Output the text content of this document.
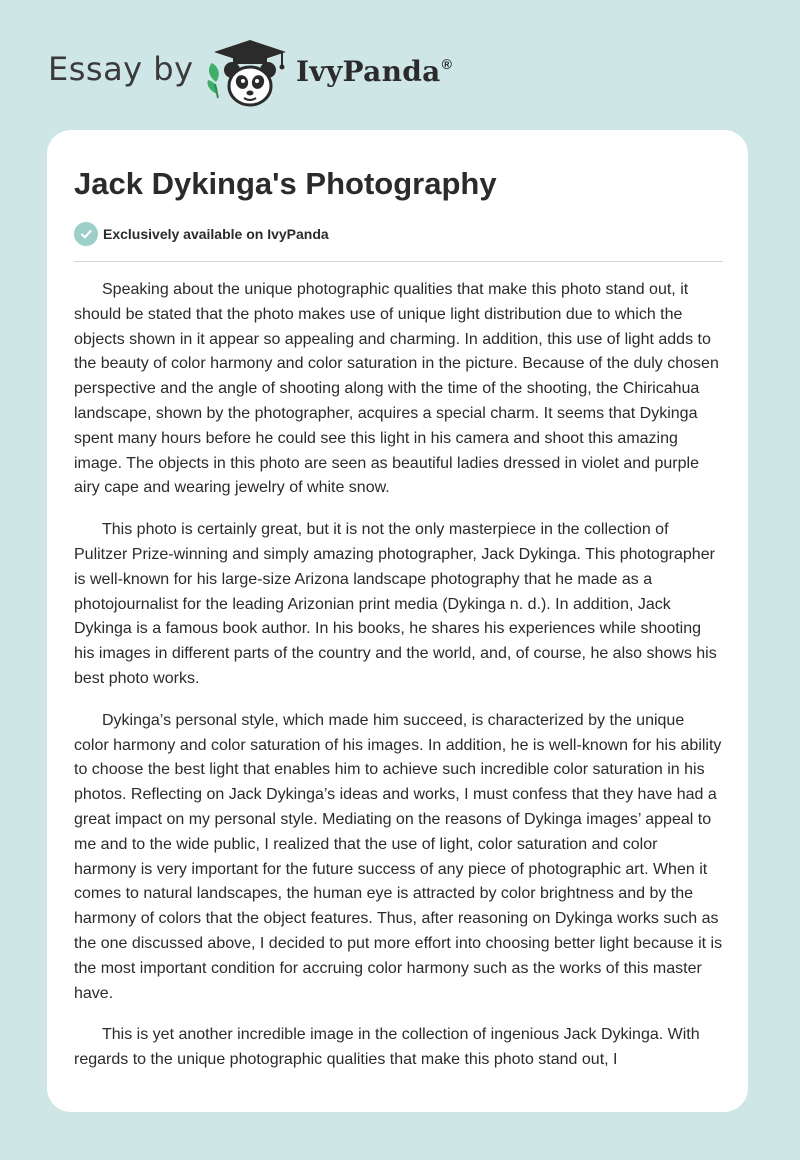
Essay by	IvyPanda®
Jack Dykinga's Photography
Exclusively available on IvyPanda

Speaking about the unique photographic qualities that make this photo stand out, it should be stated that the photo makes use of unique light distribution due to which the objects shown in it appear so appealing and charming. In addition, this use of light adds to the beauty of color harmony and color saturation in the picture. Because of the duly chosen perspective and the angle of shooting along with the time of the shooting, the Chiricahua landscape, shown by the photographer, acquires a special charm. It seems that Dykinga spent many hours before he could see this light in his camera and shoot this amazing image. The objects in this photo are seen as beautiful ladies dressed in violet and purple airy cape and wearing jewelry of white snow.

This photo is certainly great, but it is not the only masterpiece in the collection of Pulitzer Prize-winning and simply amazing photographer, Jack Dykinga. This photographer is well-known for his large-size Arizona landscape photography that he made as a photojournalist for the leading Arizonian print media (Dykinga n. d.). In addition, Jack Dykinga is a famous book author. In his books, he shares his experiences while shooting his images in different parts of the country and the world, and, of course, he also shows his best photo works.

Dykinga’s personal style, which made him succeed, is characterized by the unique color harmony and color saturation of his images. In addition, he is well-known for his ability to choose the best light that enables him to achieve such incredible color saturation in his photos. Reflecting on Jack Dykinga’s ideas and works, I must confess that they have had a great impact on my personal style. Mediating on the reasons of Dykinga images’ appeal to me and to the wide public, I realized that the use of light, color saturation and color harmony is very important for the future success of any piece of photographic art. When it comes to natural landscapes, the human eye is attracted by color brightness and by the harmony of colors that the object features. Thus, after reasoning on Dykinga works such as the one discussed above, I decided to put more effort into choosing better light because it is the most important condition for accruing color harmony such as the works of this master have.

This is yet another incredible image in the collection of ingenious Jack Dykinga. With regards to the unique photographic qualities that make this photo stand out, I
